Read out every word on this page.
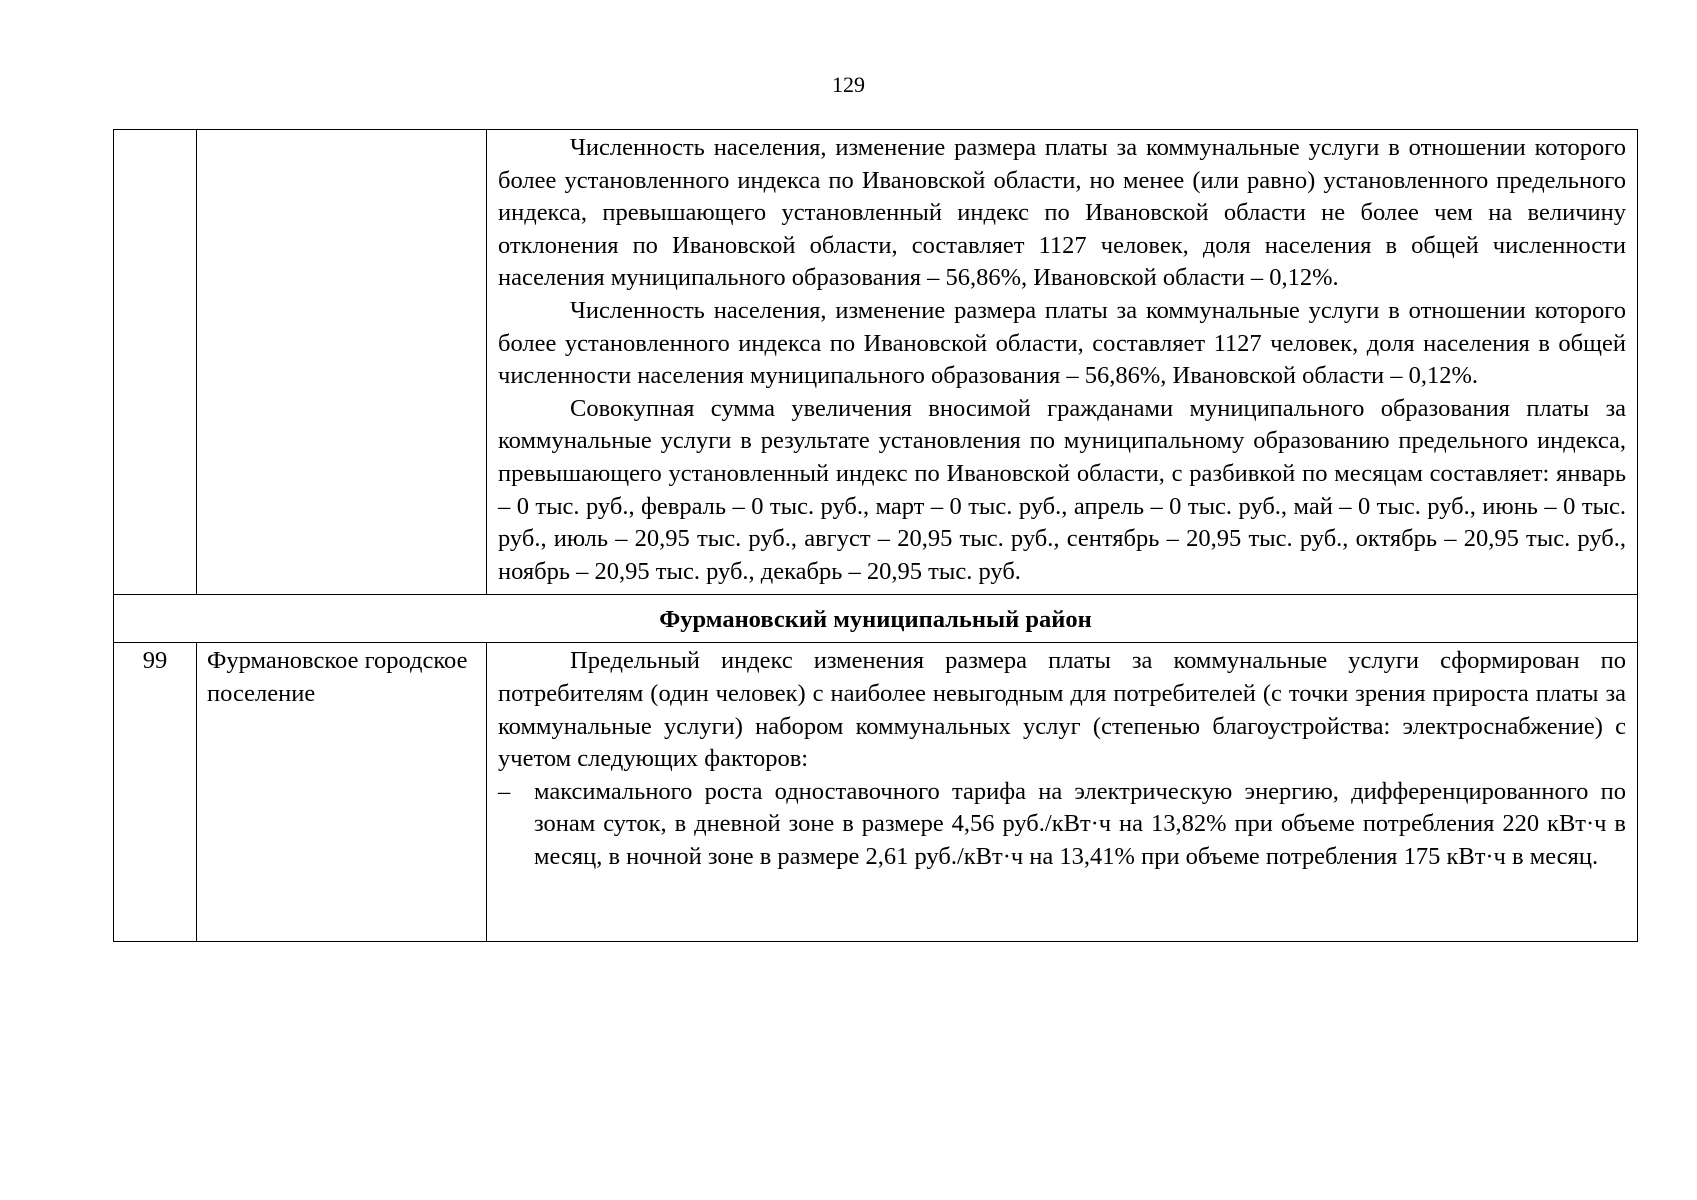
129

		Численность населения, изменение размера платы за коммунальные услуги в отношении которого более установленного индекса по Ивановской области, но менее (или равно) установленного предельного индекса, превышающего установленный индекс по Ивановской области не более чем на величину отклонения по Ивановской области, составляет 1127 человек, доля населения в общей численности населения муниципального образования – 56,86%, Ивановской области – 0,12%.

Численность населения, изменение размера платы за коммунальные услуги в отношении которого более установленного индекса по Ивановской области, составляет 1127 человек, доля населения в общей численности населения муниципального образования – 56,86%, Ивановской области – 0,12%.

Совокупная сумма увеличения вносимой гражданами муниципального образования платы за коммунальные услуги в результате установления по муниципальному образованию предельного индекса, превышающего установленный индекс по Ивановской области, с разбивкой по месяцам составляет: январь – 0 тыс. руб., февраль – 0 тыс. руб., март – 0 тыс. руб., апрель – 0 тыс. руб., май – 0 тыс. руб., июнь – 0 тыс. руб., июль – 20,95 тыс. руб., август – 20,95 тыс. руб., сентябрь – 20,95 тыс. руб., октябрь – 20,95 тыс. руб., ноябрь – 20,95 тыс. руб., декабрь – 20,95 тыс. руб.

Фурмановский муниципальный район		
99	Фурмановское городское поселение	Предельный индекс изменения размера платы за коммунальные услуги сформирован по потребителям (один человек) с наиболее невыгодным для потребителей (с точки зрения прироста платы за коммунальные услуги) набором коммунальных услуг (степенью благоустройства: электроснабжение) с учетом следующих факторов:

– максимального роста одноставочного тарифа на электрическую энергию, дифференцированного по зонам суток, в дневной зоне в размере 4,56 руб./кВт·ч на 13,82% при объеме потребления 220 кВт·ч в месяц, в ночной зоне в размере 2,61 руб./кВт·ч на 13,41% при объеме потребления 175 кВт·ч в месяц.
